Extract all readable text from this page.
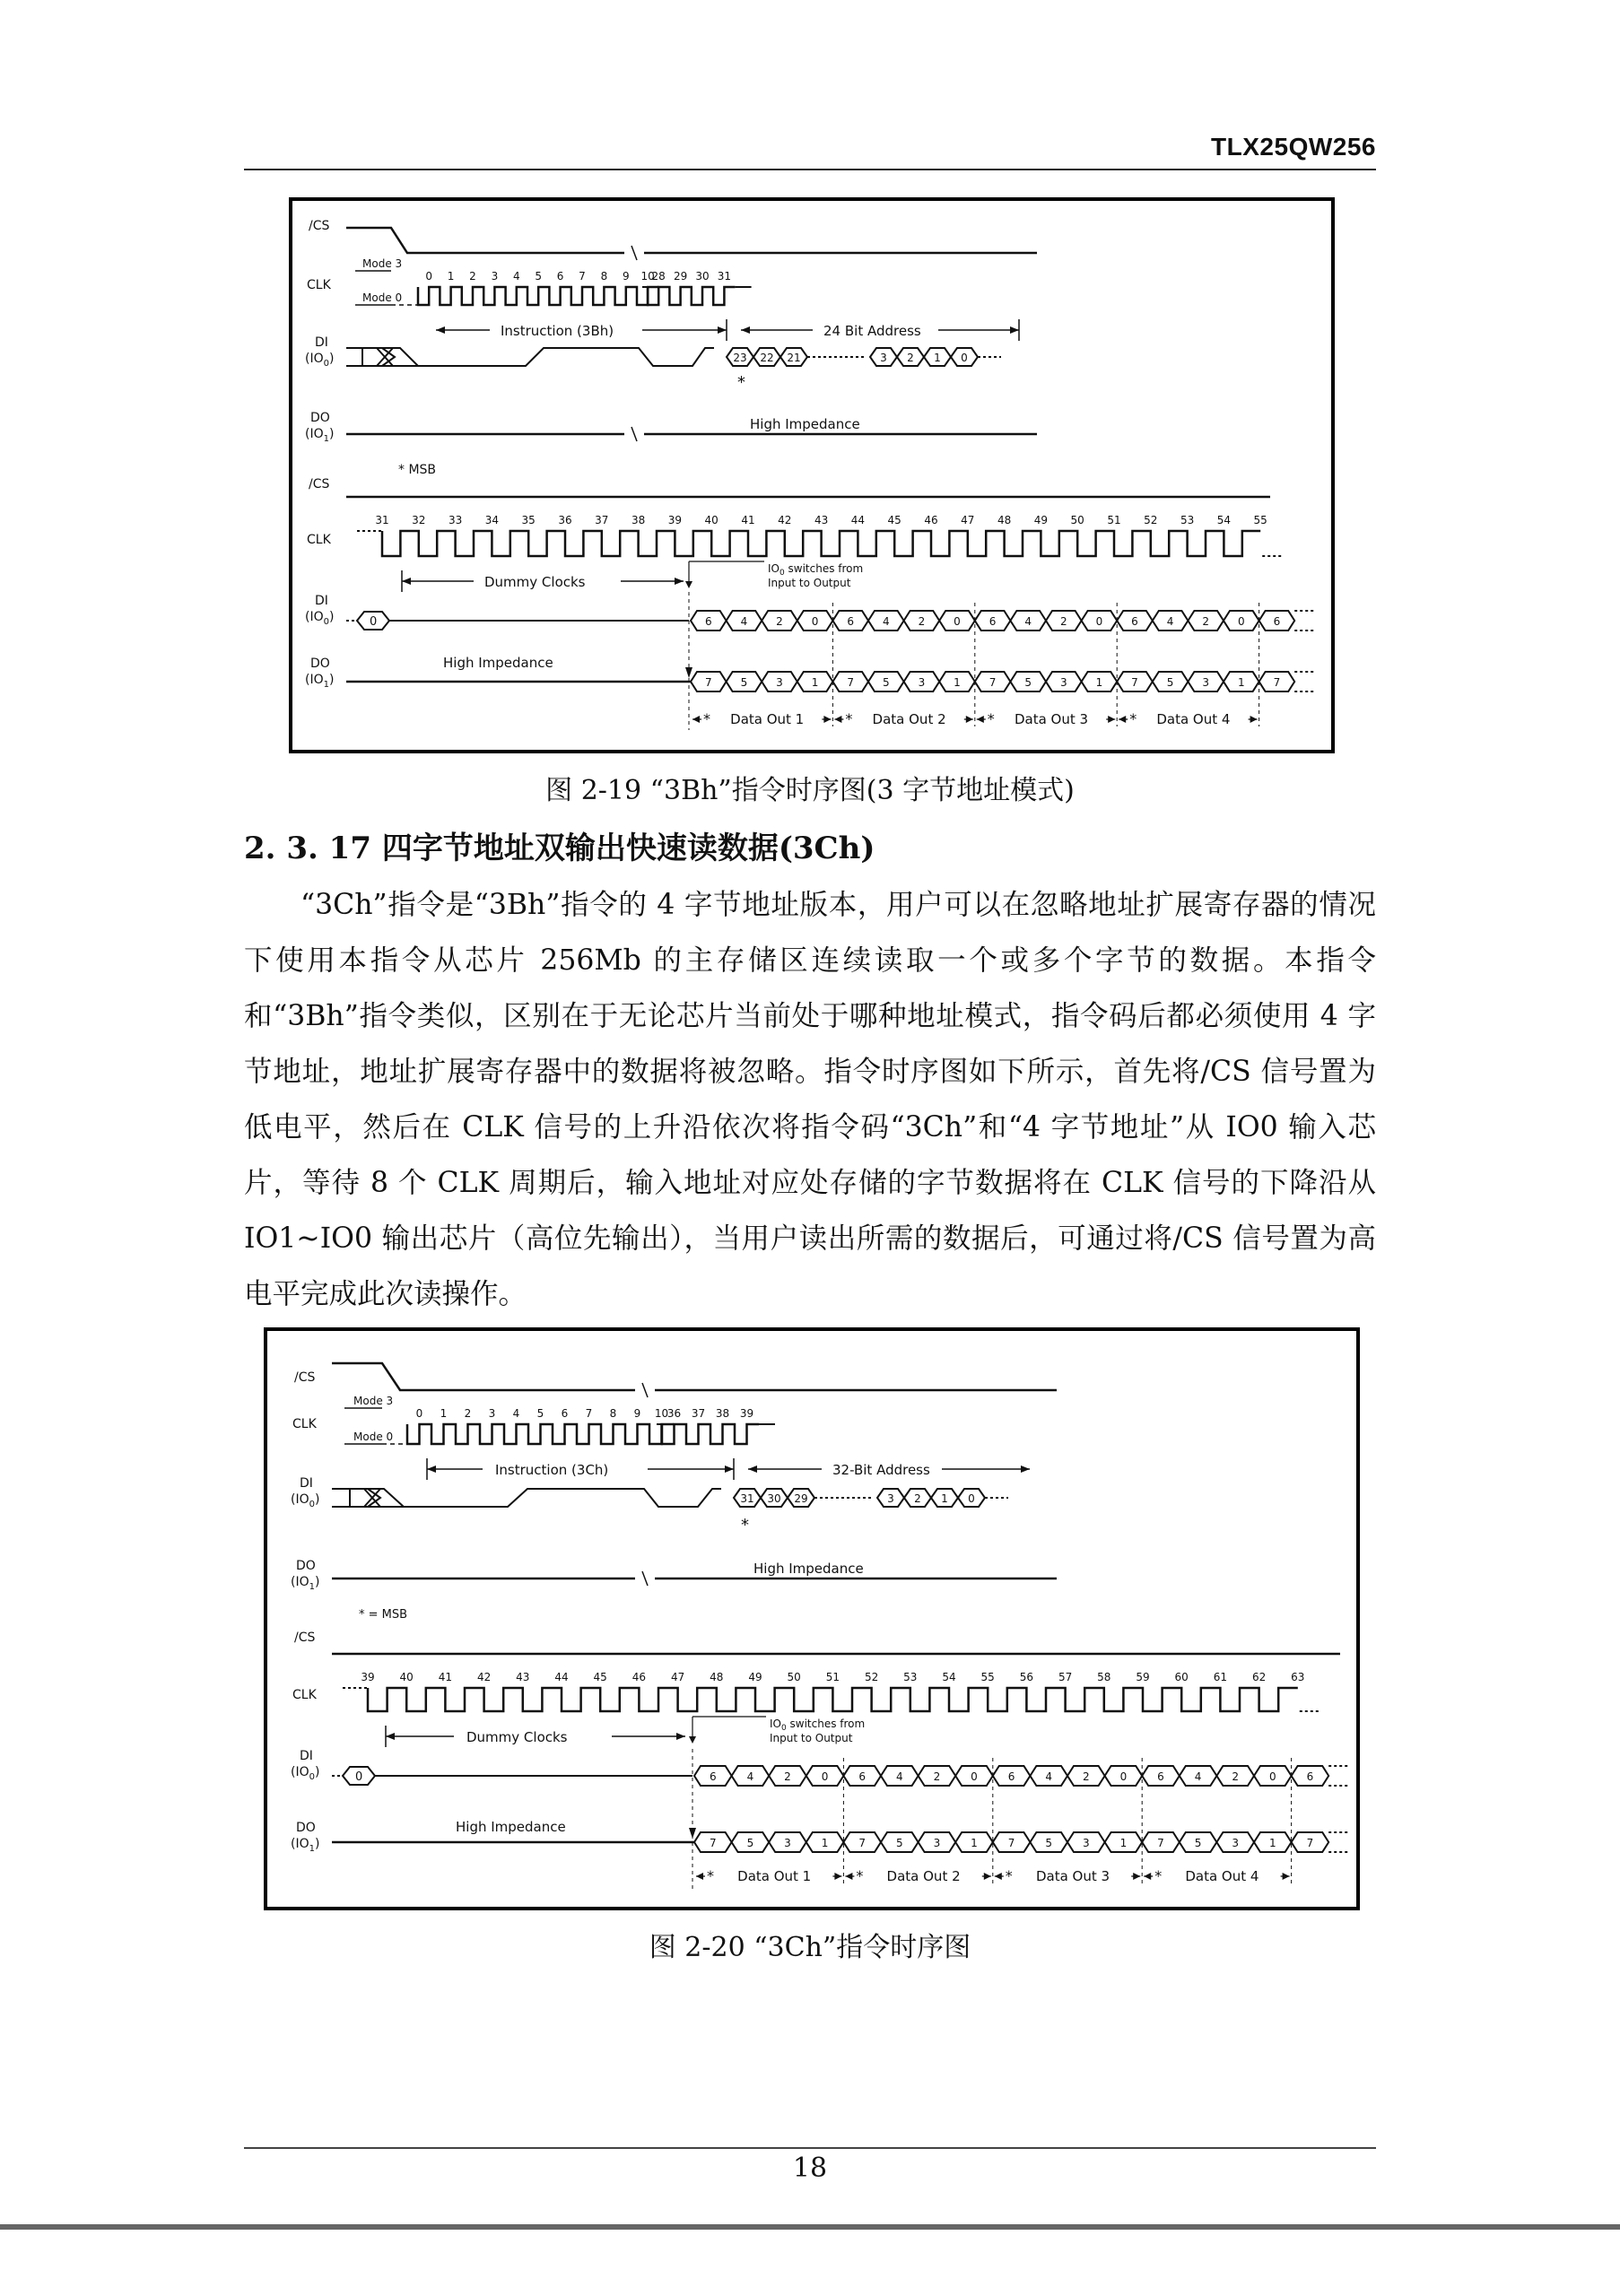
TLX25QW256
/CS
CLK
DI
$(IO_0)$
DO
$(IO_1)$
/CS
CLK
DI
$(IO_0)$
DO
$(IO_1)$
Mode 3
Mode 0
0 1 2 3 4 5 6 7 8 9 10
28 29 30 31
Instruction (3Bh)	24 Bit Address
23 22 21	3 2 1 0
*
High Impedance
* MSB
31 32 33 34 35 36 37 38 39 40 41 42 43 44 45 46 47 48 49 50 51 52 53 54 55
Dummy Clocks
$IO_0$ switches from
Input to Output
0
High Impedance
6	4	2	0	6	4	2	0	6	4	2	0	6	4	2	0	6
7	5	3	1	7	5	3	1	7	5	3	1	7	5	3	1	7
* Data Out 1	* Data Out 2	* Data Out 3	* Data Out 4
图 2-19 “3Bh”指令时序图(3 字节地址模式)
2. 3. 17 四字节地址双输出快速读数据(3Ch)

“3Ch”指令是“3Bh”指令的 4 字节地址版本，用户可以在忽略地址扩展寄存器的情况下使用本指令从芯片 256Mb 的主存储区连续读取一个或多个字节的数据。本指令和“3Bh”指令类似，区别在于无论芯片当前处于哪种地址模式，指令码后都必须使用 4 字节地址，地址扩展寄存器中的数据将被忽略。指令时序图如下所示，首先将/CS 信号置为低电平，然后在 CLK 信号的上升沿依次将指令码“3Ch”和“4 字节地址”从 IO0 输入芯片，等待 8 个 CLK 周期后，输入地址对应处存储的字节数据将在 CLK 信号的下降沿从 IO1~IO0 输出芯片（高位先输出），当用户读出所需的数据后，可通过将/CS 信号置为高电平完成此次读操作。

/CS
CLK
DI
$(IO_0)$
DO
$(IO_1)$
/CS
CLK
DI
$(IO_0)$
DO
$(IO_1)$
Mode 3
Mode 0
0 1 2 3 4 5 6 7 8 9 10
36 37 38 39
Instruction (3Ch)	32-Bit Address
31 30 29	3 2 1 0
*
High Impedance
* = MSB
39 40 41 42 43 44 45 46 47 48 49 50 51 52 53 54 55 56 57 58 59 60 61 62 63
Dummy Clocks
$IO_0$ switches from
Input to Output
0
High Impedance
6	4	2	0	6	4	2	0	6	4	2	0	6	4	2	0	6
7	5	3	1	7	5	3	1	7	5	3	1	7	5	3	1	7
* Data Out 1	* Data Out 2	* Data Out 3	* Data Out 4
图 2-20 “3Ch”指令时序图
18
